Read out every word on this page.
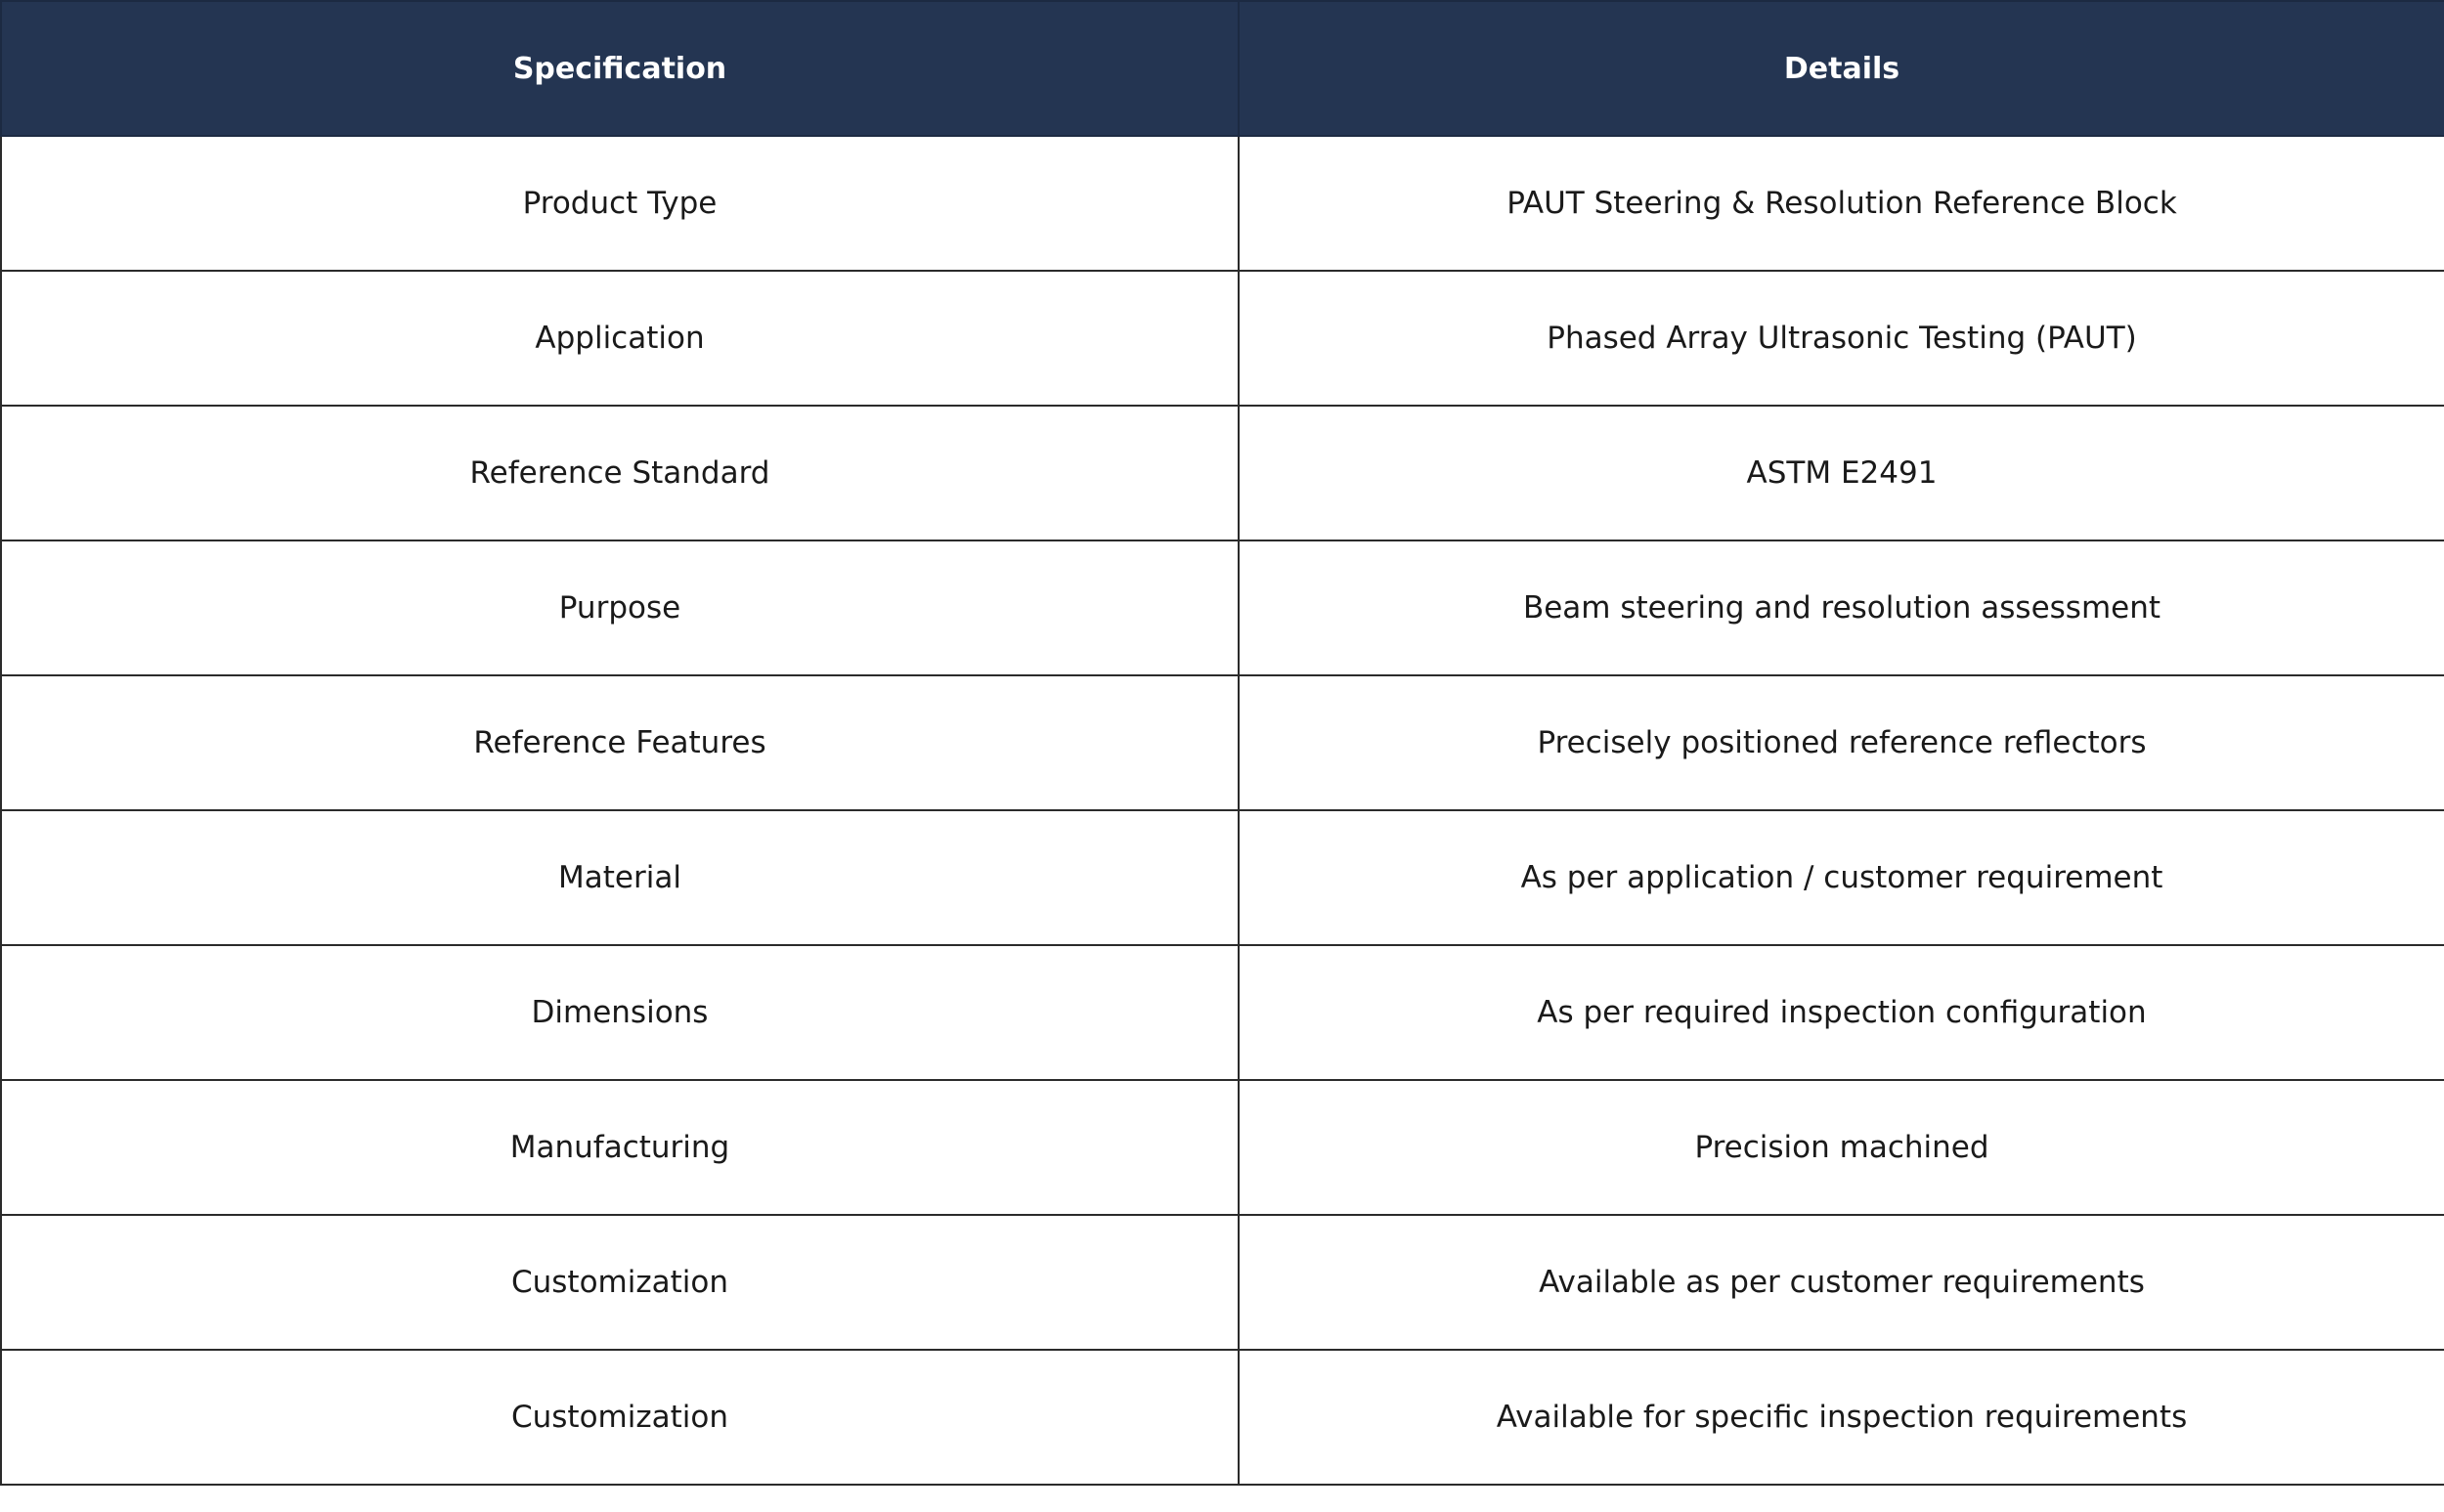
Specification	Details
Product Type	PAUT Steering & Resolution Reference Block
Application	Phased Array Ultrasonic Testing (PAUT)
Reference Standard	ASTM E2491
Purpose	Beam steering and resolution assessment
Reference Features	Precisely positioned reference reflectors
Material	As per application / customer requirement
Dimensions	As per required inspection configuration
Manufacturing	Precision machined
Customization	Available as per customer requirements
Customization	Available for specific inspection requirements
